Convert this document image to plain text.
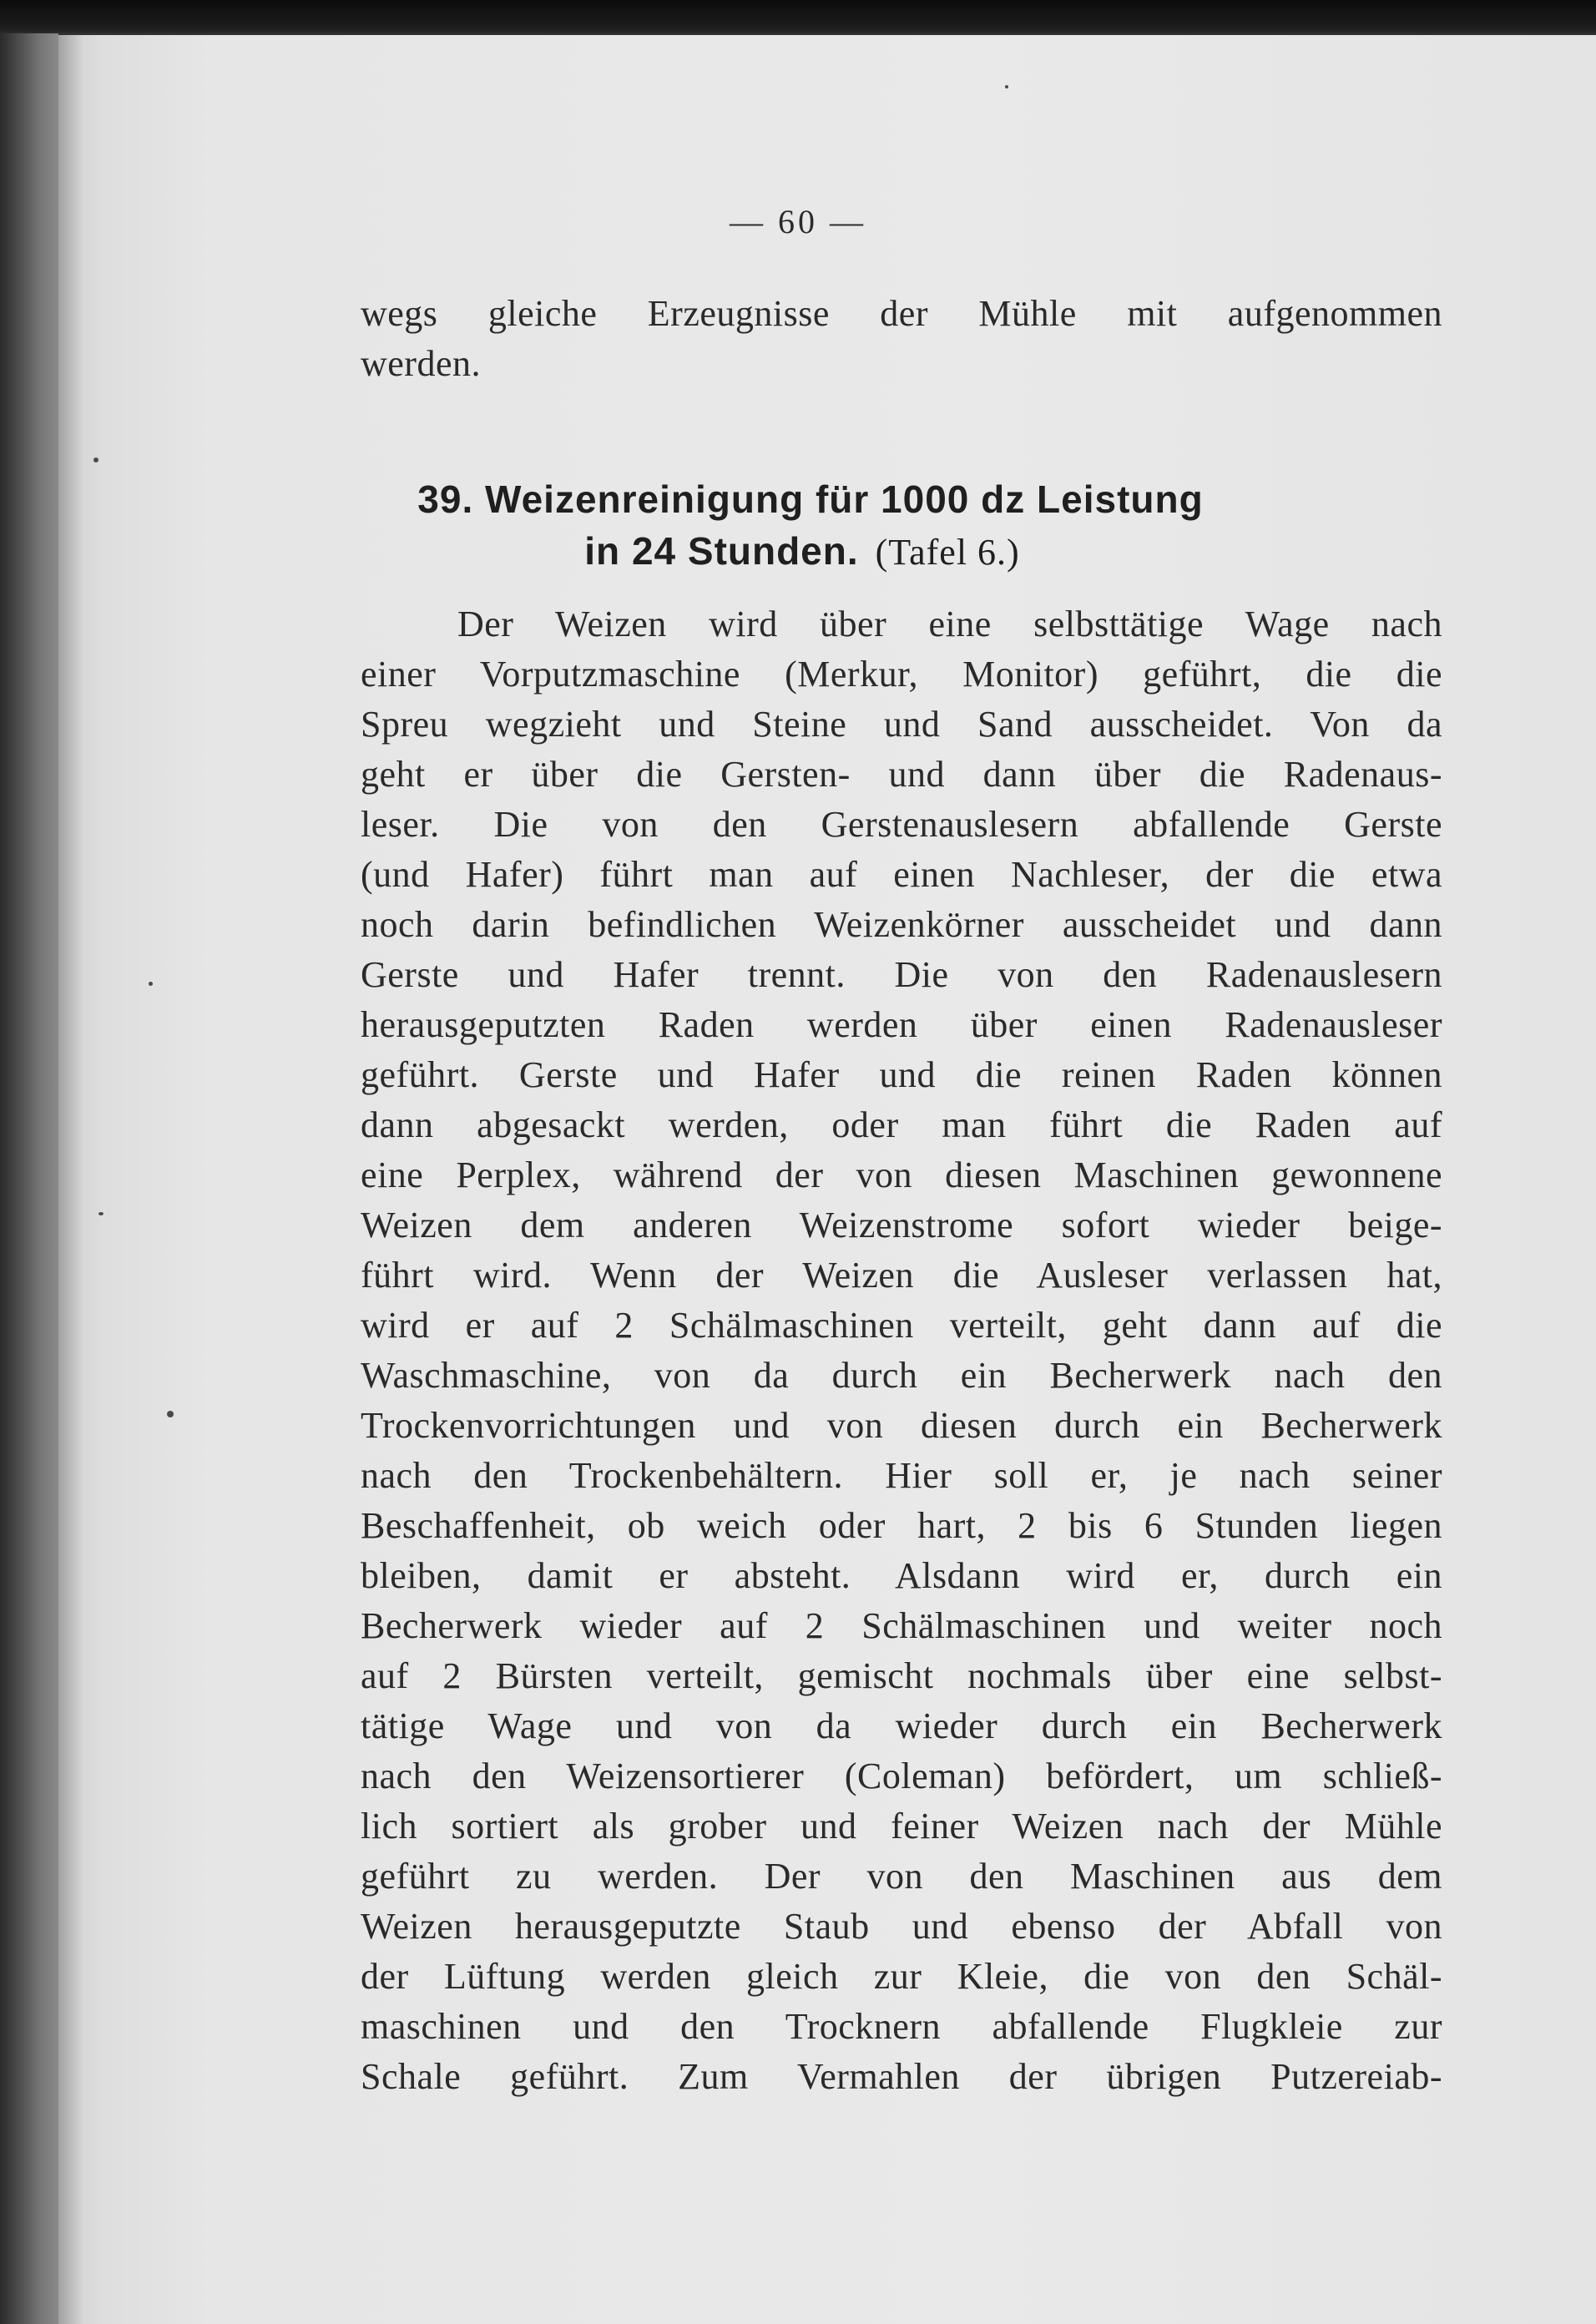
— 60 —
wegs gleiche Erzeugnisse der Mühle mit aufgenommen
werden.
39. Weizenreinigung für 1000 dz Leistung
in 24 Stunden. (Tafel 6.)
Der Weizen wird über eine selbsttätige Wage nach
einer Vorputzmaschine (Merkur, Monitor) geführt, die die
Spreu wegzieht und Steine und Sand ausscheidet. Von da
geht er über die Gersten- und dann über die Radenaus-
leser. Die von den Gerstenauslesern abfallende Gerste
(und Hafer) führt man auf einen Nachleser, der die etwa
noch darin befindlichen Weizenkörner ausscheidet und dann
Gerste und Hafer trennt. Die von den Radenauslesern
herausgeputzten Raden werden über einen Radenausleser
geführt. Gerste und Hafer und die reinen Raden können
dann abgesackt werden, oder man führt die Raden auf
eine Perplex, während der von diesen Maschinen gewonnene
Weizen dem anderen Weizenstrome sofort wieder beige-
führt wird. Wenn der Weizen die Ausleser verlassen hat,
wird er auf 2 Schälmaschinen verteilt, geht dann auf die
Waschmaschine, von da durch ein Becherwerk nach den
Trockenvorrichtungen und von diesen durch ein Becherwerk
nach den Trockenbehältern. Hier soll er, je nach seiner
Beschaffenheit, ob weich oder hart, 2 bis 6 Stunden liegen
bleiben, damit er absteht. Alsdann wird er, durch ein
Becherwerk wieder auf 2 Schälmaschinen und weiter noch
auf 2 Bürsten verteilt, gemischt nochmals über eine selbst-
tätige Wage und von da wieder durch ein Becherwerk
nach den Weizensortierer (Coleman) befördert, um schließ-
lich sortiert als grober und feiner Weizen nach der Mühle
geführt zu werden. Der von den Maschinen aus dem
Weizen herausgeputzte Staub und ebenso der Abfall von
der Lüftung werden gleich zur Kleie, die von den Schäl-
maschinen und den Trocknern abfallende Flugkleie zur
Schale geführt. Zum Vermahlen der übrigen Putzereiab-
